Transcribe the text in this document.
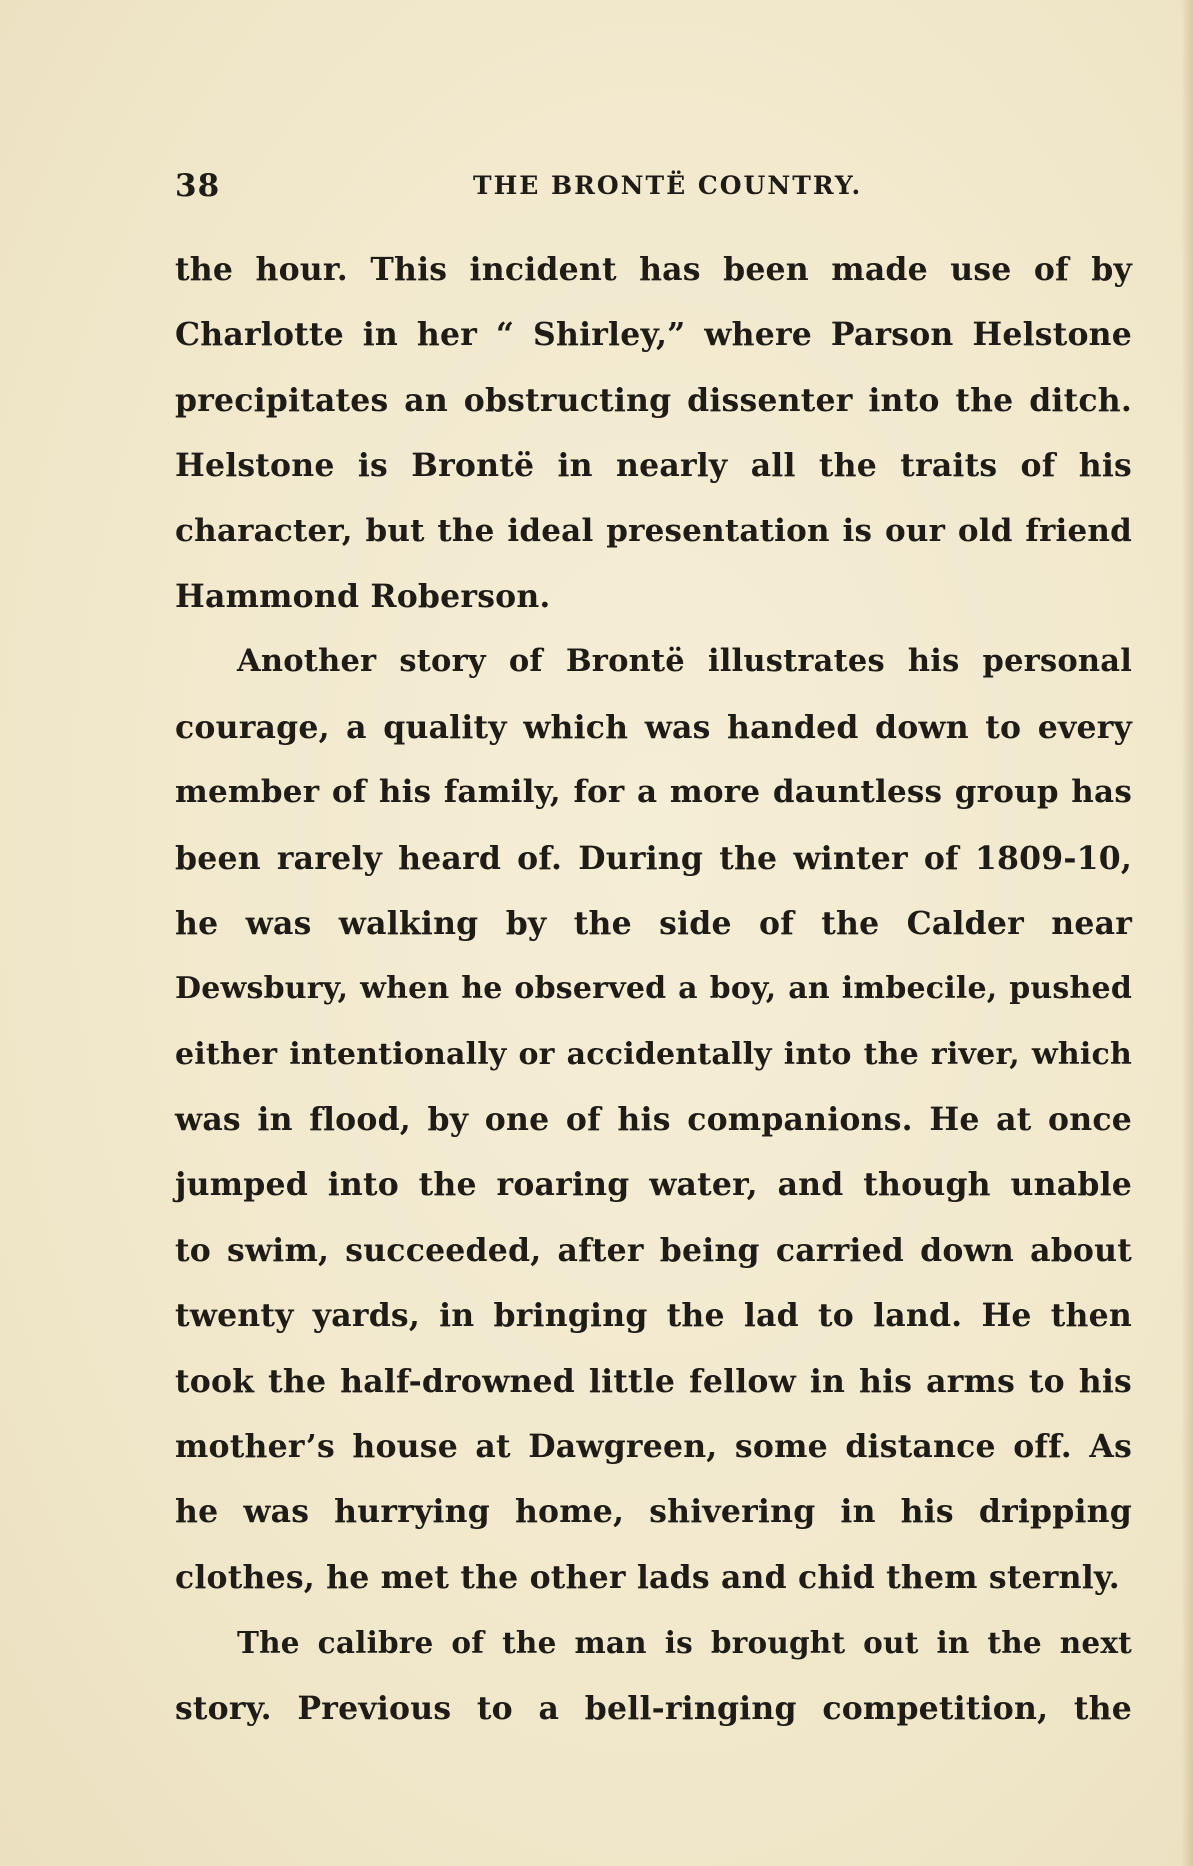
38	THE BRONTË COUNTRY.
the hour. This incident has been made use of by
Charlotte in her “ Shirley,” where Parson Helstone
precipitates an obstructing dissenter into the ditch.
Helstone is Brontë in nearly all the traits of his
character, but the ideal presentation is our old friend
Hammond Roberson.
Another story of Brontë illustrates his personal
courage, a quality which was handed down to every
member of his family, for a more dauntless group has
been rarely heard of. During the winter of 1809-10,
he was walking by the side of the Calder near
Dewsbury, when he observed a boy, an imbecile, pushed
either intentionally or accidentally into the river, which
was in flood, by one of his companions. He at once
jumped into the roaring water, and though unable
to swim, succeeded, after being carried down about
twenty yards, in bringing the lad to land. He then
took the half-drowned little fellow in his arms to his
mother’s house at Dawgreen, some distance off. As
he was hurrying home, shivering in his dripping
clothes, he met the other lads and chid them sternly.
The calibre of the man is brought out in the next
story. Previous to a bell-ringing competition, the
